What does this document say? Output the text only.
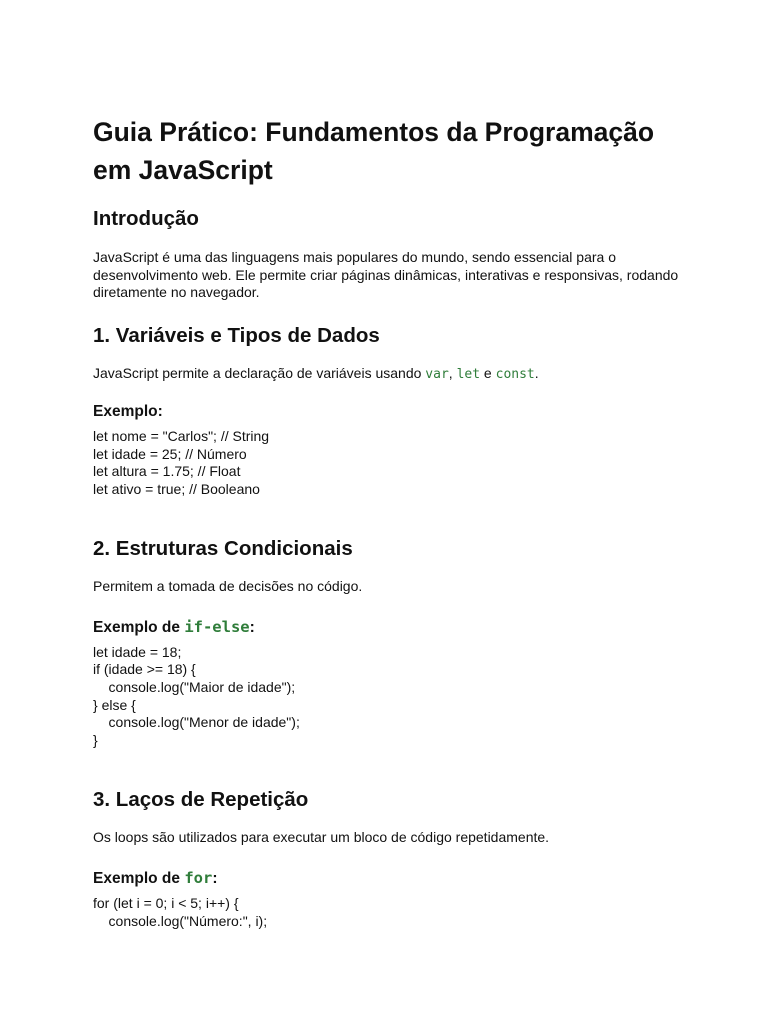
Guia Prático: Fundamentos da Programação em JavaScript
Introdução

JavaScript é uma das linguagens mais populares do mundo, sendo essencial para o desenvolvimento web. Ele permite criar páginas dinâmicas, interativas e responsivas, rodando diretamente no navegador.

1. Variáveis e Tipos de Dados

JavaScript permite a declaração de variáveis usando var, let e const.

Exemplo:
let nome = "Carlos"; // String
let idade = 25; // Número
let altura = 1.75; // Float
let ativo = true; // Booleano
2. Estruturas Condicionais

Permitem a tomada de decisões no código.

Exemplo de if-else:
let idade = 18;
if (idade >= 18) {
console.log("Maior de idade");
} else {
console.log("Menor de idade");
}
3. Laços de Repetição

Os loops são utilizados para executar um bloco de código repetidamente.

Exemplo de for:
for (let i = 0; i < 5; i++) {
console.log("Número:", i);
